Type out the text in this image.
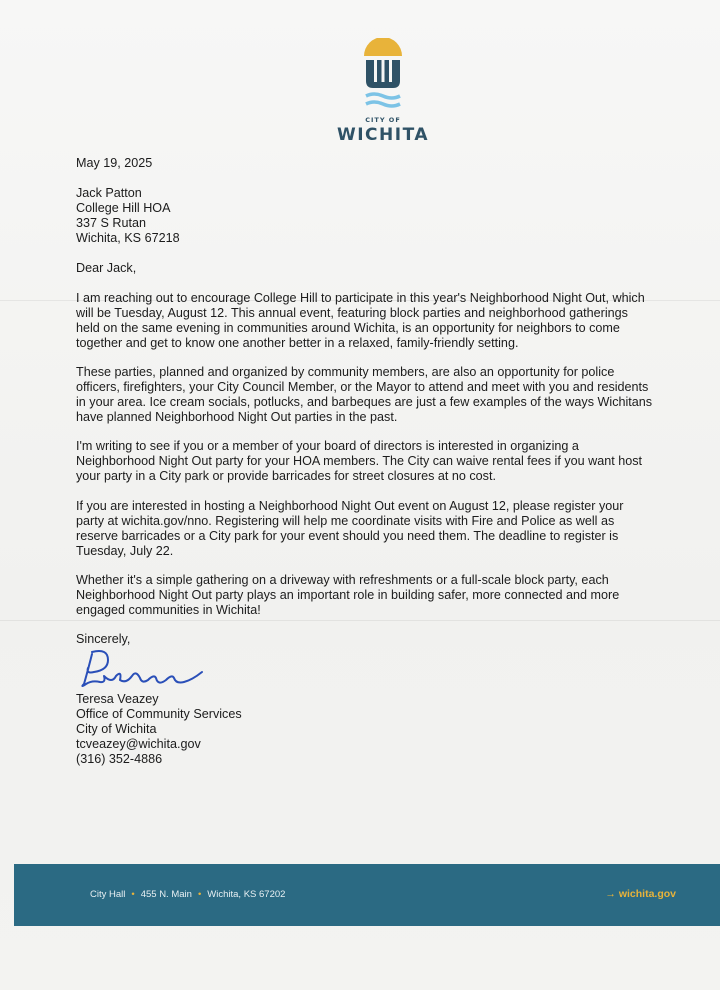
CITY OF
WICHITA
May 19, 2025
Jack Patton
College Hill HOA
337 S Rutan
Wichita, KS 67218
Dear Jack,
I am reaching out to encourage College Hill to participate in this year's Neighborhood Night Out, which
will be Tuesday, August 12. This annual event, featuring block parties and neighborhood gatherings
held on the same evening in communities around Wichita, is an opportunity for neighbors to come
together and get to know one another better in a relaxed, family-friendly setting.
These parties, planned and organized by community members, are also an opportunity for police
officers, firefighters, your City Council Member, or the Mayor to attend and meet with you and residents
in your area. Ice cream socials, potlucks, and barbeques are just a few examples of the ways Wichitans
have planned Neighborhood Night Out parties in the past.
I'm writing to see if you or a member of your board of directors is interested in organizing a
Neighborhood Night Out party for your HOA members. The City can waive rental fees if you want host
your party in a City park or provide barricades for street closures at no cost.
If you are interested in hosting a Neighborhood Night Out event on August 12, please register your
party at wichita.gov/nno. Registering will help me coordinate visits with Fire and Police as well as
reserve barricades or a City park for your event should you need them. The deadline to register is
Tuesday, July 22.
Whether it's a simple gathering on a driveway with refreshments or a full-scale block party, each
Neighborhood Night Out party plays an important role in building safer, more connected and more
engaged communities in Wichita!
Sincerely,
Teresa Veazey
Office of Community Services
City of Wichita
tcveazey@wichita.gov
(316) 352-4886
City Hall • 455 N. Main • Wichita, KS 67202	→ wichita.gov
